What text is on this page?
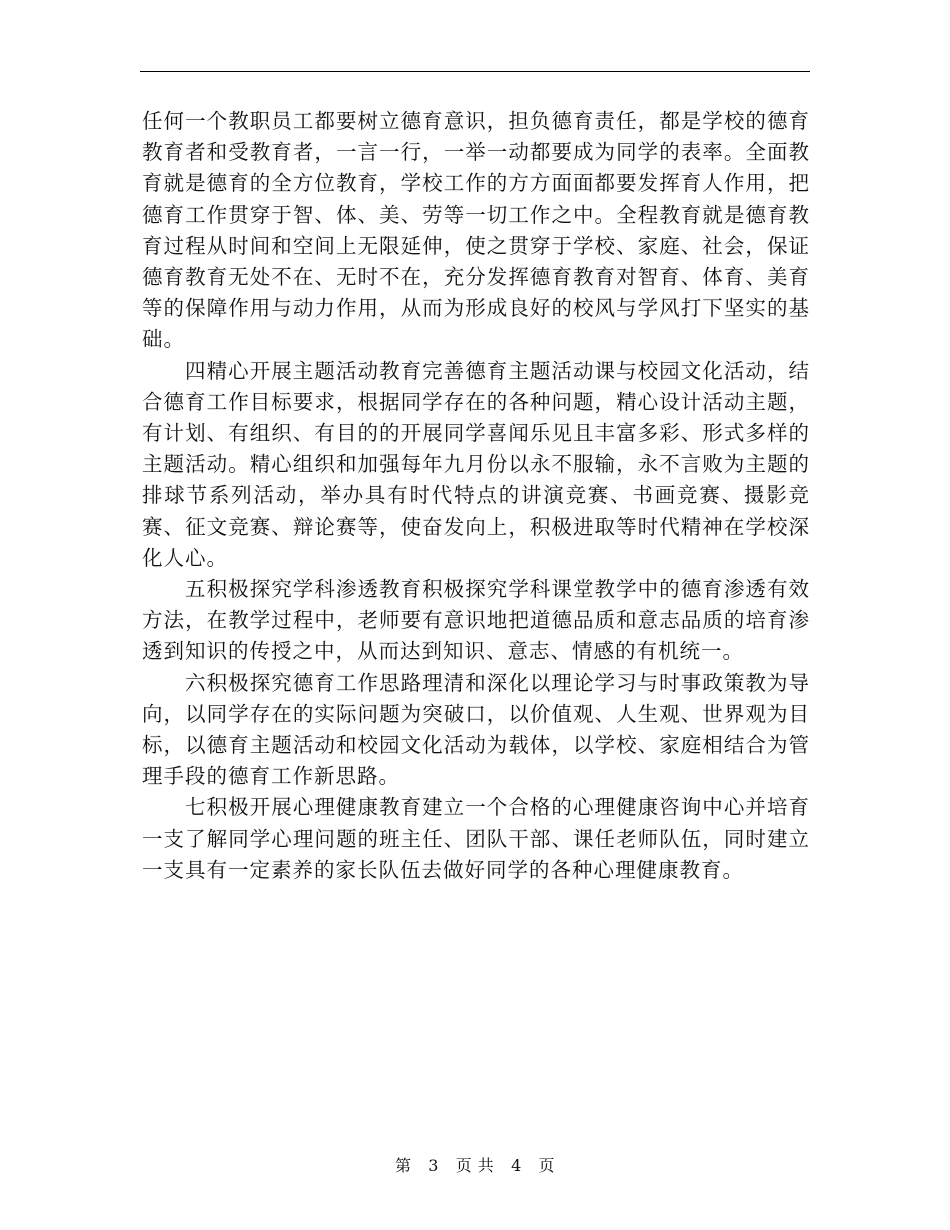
任何一个教职员工都要树立德育意识，担负德育责任，都是学校的德育教育者和受教育者，一言一行，一举一动都要成为同学的表率。全面教育就是德育的全方位教育，学校工作的方方面面都要发挥育人作用，把德育工作贯穿于智、体、美、劳等一切工作之中。全程教育就是德育教育过程从时间和空间上无限延伸，使之贯穿于学校、家庭、社会，保证德育教育无处不在、无时不在，充分发挥德育教育对智育、体育、美育等的保障作用与动力作用，从而为形成良好的校风与学风打下坚实的基础。

四精心开展主题活动教育完善德育主题活动课与校园文化活动，结合德育工作目标要求，根据同学存在的各种问题，精心设计活动主题，有计划、有组织、有目的的开展同学喜闻乐见且丰富多彩、形式多样的主题活动。精心组织和加强每年九月份以永不服输，永不言败为主题的排球节系列活动，举办具有时代特点的讲演竞赛、书画竞赛、摄影竞赛、征文竞赛、辩论赛等，使奋发向上，积极进取等时代精神在学校深化人心。

五积极探究学科渗透教育积极探究学科课堂教学中的德育渗透有效方法，在教学过程中，老师要有意识地把道德品质和意志品质的培育渗透到知识的传授之中，从而达到知识、意志、情感的有机统一。

六积极探究德育工作思路理清和深化以理论学习与时事政策教为导向，以同学存在的实际问题为突破口，以价值观、人生观、世界观为目标，以德育主题活动和校园文化活动为载体，以学校、家庭相结合为管理手段的德育工作新思路。

七积极开展心理健康教育建立一个合格的心理健康咨询中心并培育一支了解同学心理问题的班主任、团队干部、课任老师队伍，同时建立一支具有一定素养的家长队伍去做好同学的各种心理健康教育。

第 3 页 共 4 页
